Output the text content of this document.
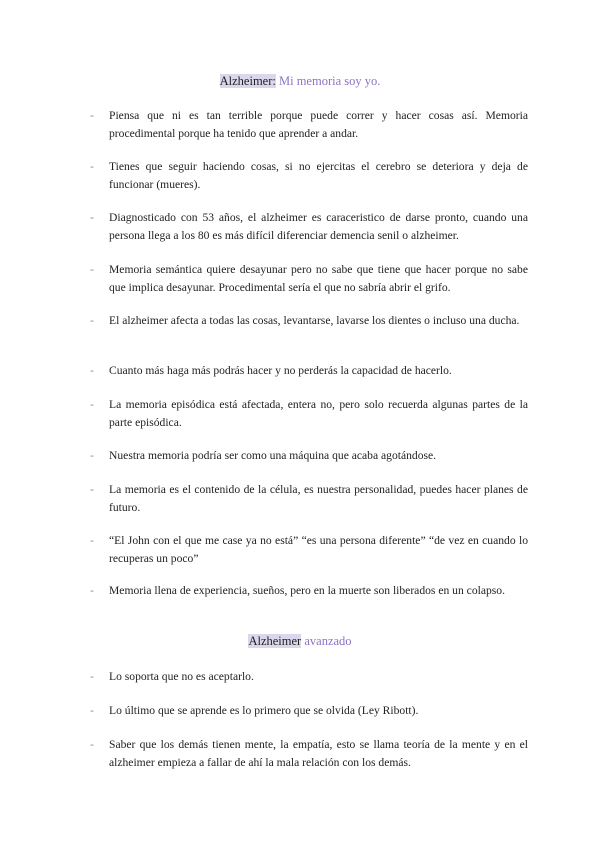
Alzheimer: Mi memoria soy yo.
- Piensa que ni es tan terrible porque puede correr y hacer cosas así. Memoria procedimental porque ha tenido que aprender a andar.
- Tienes que seguir haciendo cosas, si no ejercitas el cerebro se deteriora y deja de funcionar (mueres).
- Diagnosticado con 53 años, el alzheimer es caraceristico de darse pronto, cuando una persona llega a los 80 es más difícil diferenciar demencia senil o alzheimer.
- Memoria semántica quiere desayunar pero no sabe que tiene que hacer porque no sabe que implica desayunar. Procedimental sería el que no sabría abrir el grifo.
- El alzheimer afecta a todas las cosas, levantarse, lavarse los dientes o incluso una ducha.
- Cuanto más haga más podrás hacer y no perderás la capacidad de hacerlo.
- La memoria episódica está afectada, entera no, pero solo recuerda algunas partes de la parte episódica.
- Nuestra memoria podría ser como una máquina que acaba agotándose.
- La memoria es el contenido de la célula, es nuestra personalidad, puedes hacer planes de futuro.
- “El John con el que me case ya no está” “es una persona diferente” “de vez en cuando lo recuperas un poco”
- Memoria llena de experiencia, sueños, pero en la muerte son liberados en un colapso.
Alzheimer avanzado
- Lo soporta que no es aceptarlo.
- Lo último que se aprende es lo primero que se olvida (Ley Ribott).
- Saber que los demás tienen mente, la empatía, esto se llama teoría de la mente y en el alzheimer empieza a fallar de ahí la mala relación con los demás.
